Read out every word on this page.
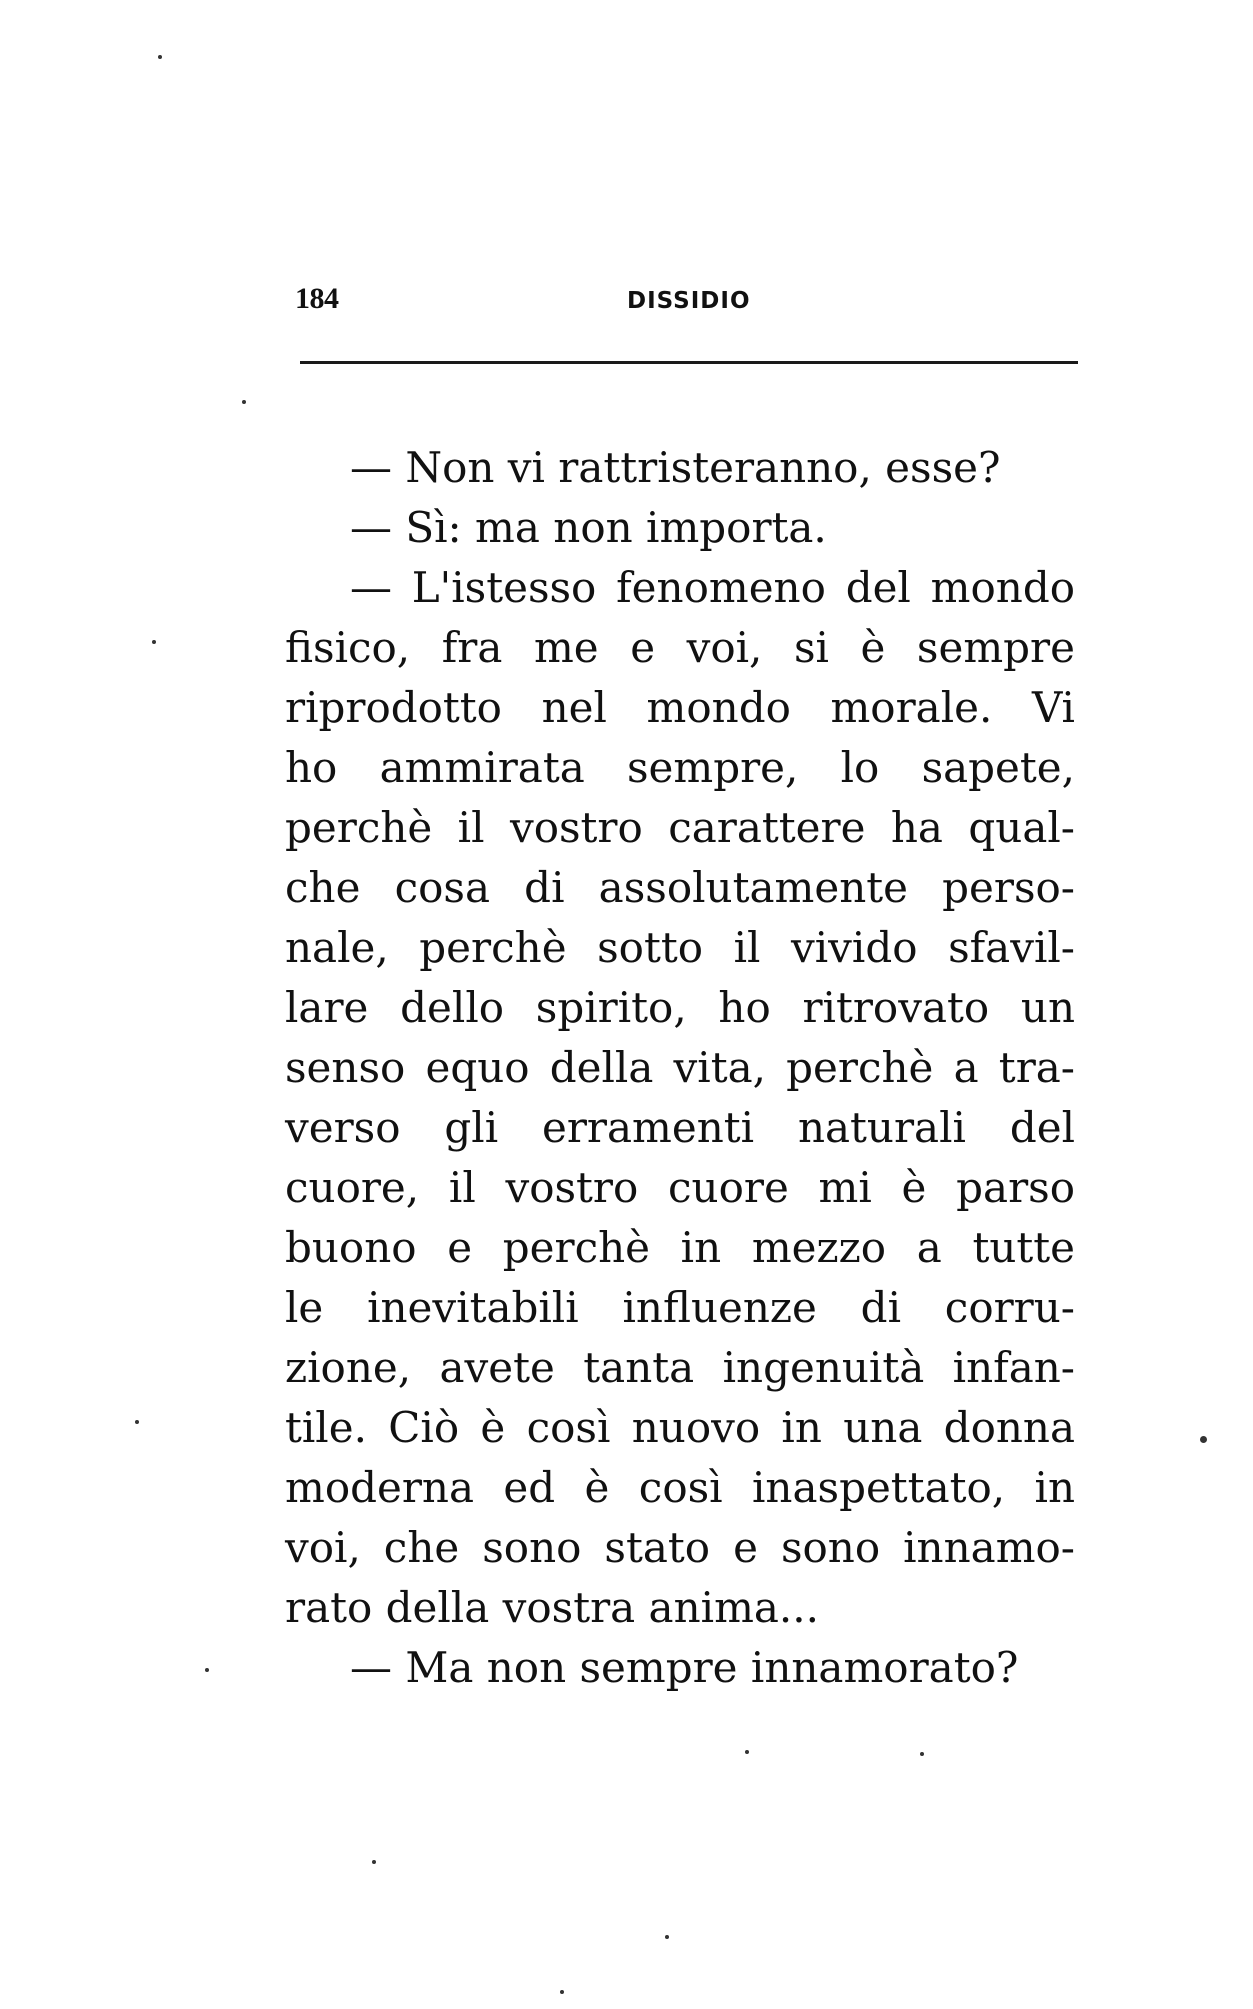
184	DISSIDIO
— Non vi rattristeranno, esse?
— Sì: ma non importa.
— L'istesso fenomeno del mondo
fisico, fra me e voi, si è sempre
riprodotto nel mondo morale. Vi
ho ammirata sempre, lo sapete,
perchè il vostro carattere ha qual-
che cosa di assolutamente perso-
nale, perchè sotto il vivido sfavil-
lare dello spirito, ho ritrovato un
senso equo della vita, perchè a tra-
verso gli erramenti naturali del
cuore, il vostro cuore mi è parso
buono e perchè in mezzo a tutte
le inevitabili influenze di corru-
zione, avete tanta ingenuità infan-
tile. Ciò è così nuovo in una donna
moderna ed è così inaspettato, in
voi, che sono stato e sono innamo-
rato della vostra anima...
— Ma non sempre innamorato?
